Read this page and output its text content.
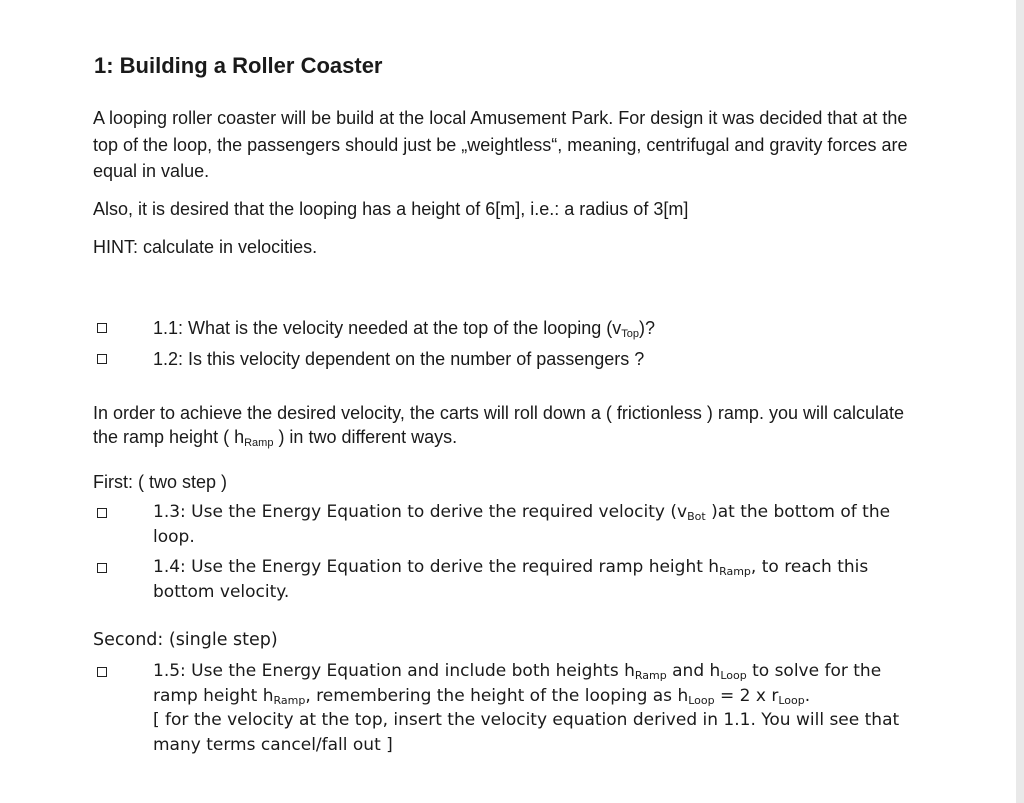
1: Building a Roller Coaster

A looping roller coaster will be build at the local Amusement Park. For design it was decided that at the top of the loop, the passengers should just be „weightless“, meaning, centrifugal and gravity forces are equal in value.

Also, it is desired that the looping has a height of 6[m], i.e.: a radius of 3[m]

HINT: calculate in velocities.

1.1: What is the velocity needed at the top of the looping $(v_{Top})$?

1.2: Is this velocity dependent on the number of passengers ?

In order to achieve the desired velocity, the carts will roll down a ( frictionless ) ramp. you will calculate the ramp height ( $h_{Ramp}$ ) in two different ways.

First: ( two step )

1.3: Use the Energy Equation to derive the required velocity ($v_{Bot}$ )at the bottom of the loop.

1.4: Use the Energy Equation to derive the required ramp height $h_{Ramp}$, to reach this bottom velocity.

Second: (single step)

1.5: Use the Energy Equation and include both heights $h_{Ramp}$ and $h_{Loop}$ to solve for the ramp height $h_{Ramp}$, remembering the height of the looping as $h_{Loop} = 2$ x $r_{Loop}$.
[ for the velocity at the top, insert the velocity equation derived in 1.1. You will see that many terms cancel/fall out ]
